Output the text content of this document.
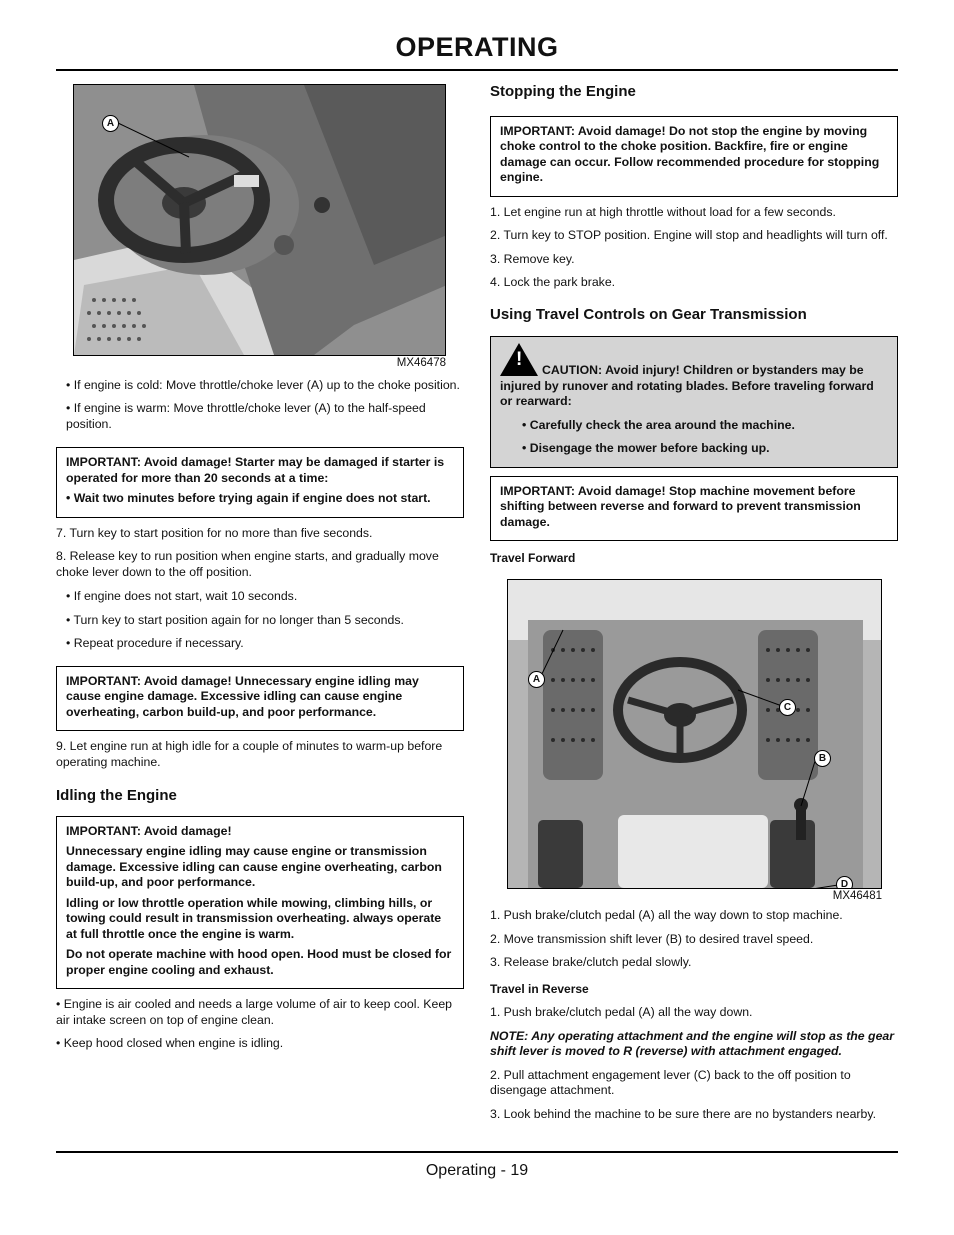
OPERATING
A

MX46478

• If engine is cold: Move throttle/choke lever (A) up to the choke position.

• If engine is warm: Move throttle/choke lever (A) to the half-speed position.

IMPORTANT: Avoid damage! Starter may be damaged if starter is operated for more than 20 seconds at a time:

• Wait two minutes before trying again if engine does not start.

7. Turn key to start position for no more than five seconds.

8. Release key to run position when engine starts, and gradually move choke lever down to the off position.

• If engine does not start, wait 10 seconds.

• Turn key to start position again for no longer than 5 seconds.

• Repeat procedure if necessary.

IMPORTANT: Avoid damage! Unnecessary engine idling may cause engine damage. Excessive idling can cause engine overheating, carbon build-up, and poor performance.

9. Let engine run at high idle for a couple of minutes to warm-up before operating machine.

Idling the Engine

IMPORTANT: Avoid damage!

Unnecessary engine idling may cause engine or transmission damage. Excessive idling can cause engine overheating, carbon build-up, and poor performance.

Idling or low throttle operation while mowing, climbing hills, or towing could result in transmission overheating. always operate at full throttle once the engine is warm.

Do not operate machine with hood open. Hood must be closed for proper engine cooling and exhaust.

• Engine is air cooled and needs a large volume of air to keep cool. Keep air intake screen on top of engine clean.

• Keep hood closed when engine is idling.

Stopping the Engine

IMPORTANT: Avoid damage! Do not stop the engine by moving choke control to the choke position. Backfire, fire or engine damage can occur. Follow recommended procedure for stopping engine.

1. Let engine run at high throttle without load for a few seconds.

2. Turn key to STOP position. Engine will stop and headlights will turn off.

3. Remove key.

4. Lock the park brake.

Using Travel Controls on Gear Transmission

! CAUTION: Avoid injury! Children or bystanders may be injured by runover and rotating blades. Before traveling forward or rearward:

• Carefully check the area around the machine.

• Disengage the mower before backing up.

IMPORTANT: Avoid damage! Stop machine movement before shifting between reverse and forward to prevent transmission damage.

Travel Forward

A
C
B
D

MX46481

1. Push brake/clutch pedal (A) all the way down to stop machine.

2. Move transmission shift lever (B) to desired travel speed.

3. Release brake/clutch pedal slowly.

Travel in Reverse

1. Push brake/clutch pedal (A) all the way down.

NOTE: Any operating attachment and the engine will stop as the gear shift lever is moved to R (reverse) with attachment engaged.

2. Pull attachment engagement lever (C) back to the off position to disengage attachment.

3. Look behind the machine to be sure there are no bystanders nearby.

Operating - 19
